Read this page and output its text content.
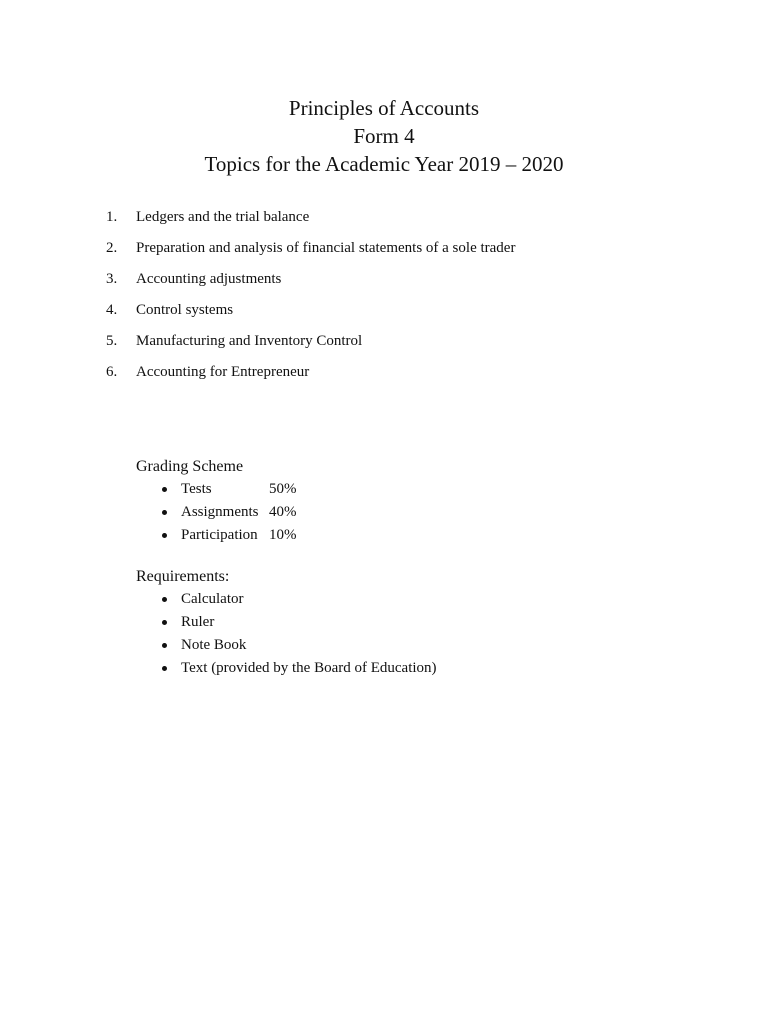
Principles of Accounts
Form 4
Topics for the Academic Year 2019 – 2020
1.	Ledgers and the trial balance
2.	Preparation and analysis of financial statements of a sole trader
3.	Accounting adjustments
4.	Control systems
5.	Manufacturing and Inventory Control
6.	Accounting for Entrepreneur
Grading Scheme
Tests	50%
Assignments 40%
Participation 10%
Requirements:
Calculator
Ruler
Note Book
Text (provided by the Board of Education)
